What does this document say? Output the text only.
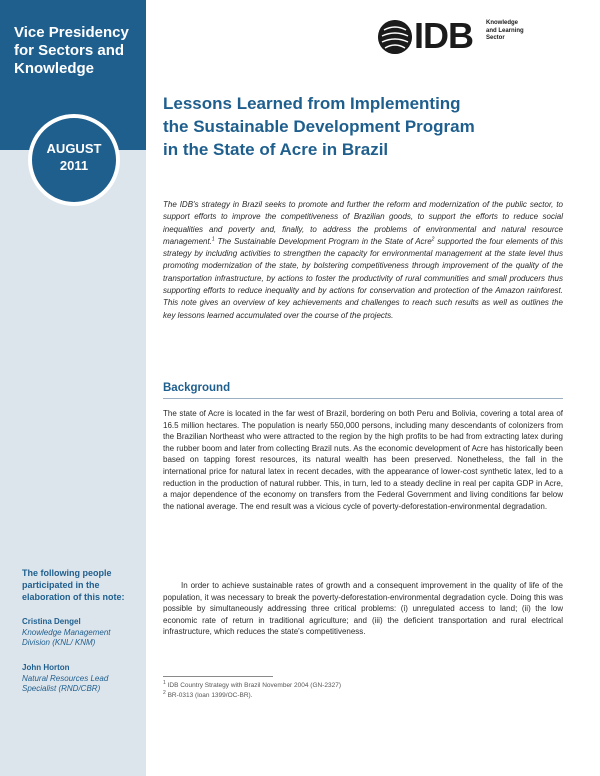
Vice Presidency
for Sectors and
Knowledge
AUGUST
2011
The following people participated in the elaboration of this note:
Cristina Dengel
Knowledge Management Division (KNL/ KNM)
John Horton
Natural Resources Lead Specialist (RND/CBR)
IDB Knowledge
and Learning
Sector
Lessons Learned from Implementing
the Sustainable Development Program
in the State of Acre in Brazil
The IDB's strategy in Brazil seeks to promote and further the reform and modernization of the public sector, to support efforts to improve the competitiveness of Brazilian goods, to support the efforts to reduce social inequalities and poverty and, finally, to address the problems of environmental and natural resource management.$^1$ The Sustainable Development Program in the State of Acre$^2$ supported the four elements of this strategy by including activities to strengthen the capacity for environmental management at the state level thus promoting modernization of the state, by bolstering competitiveness through improvement of the quality of the transportation infrastructure, by actions to foster the productivity of rural communities and small producers thus supporting efforts to reduce inequality and by actions for conservation and protection of the Amazon rainforest. This note gives an overview of key achievements and challenges to reach such results as well as outlines the key lessons learned accumulated over the course of the projects.
Background
The state of Acre is located in the far west of Brazil, bordering on both Peru and Bolivia, covering a total area of 16.5 million hectares. The population is nearly 550,000 persons, including many descendants of colonizers from the Brazilian Northeast who were attracted to the region by the high profits to be had from extracting latex during the rubber boom and later from collecting Brazil nuts. As the economic development of Acre has historically been based on tapping forest resources, its natural wealth has been preserved. Nonetheless, the fall in the international price for natural latex in recent decades, with the appearance of lower-cost synthetic latex, led to a reduction in the production of natural rubber. This, in turn, led to a steady decline in real per capita GDP in Acre, a major dependence of the economy on transfers from the Federal Government and living conditions far below the national average. The end result was a vicious cycle of poverty-deforestation-environmental degradation.
In order to achieve sustainable rates of growth and a consequent improvement in the quality of life of the population, it was necessary to break the poverty-deforestation-environmental degradation cycle. Doing this was possible by simultaneously addressing three critical problems: (i) unregulated access to land; (ii) the low economic rate of return in traditional agriculture; and (iii) the deficient transportation and rural electrical infrastructure, which reduces the state's competitiveness.
$^1$ IDB Country Strategy with Brazil November 2004 (GN-2327)
$^2$ BR-0313 (loan 1399/OC-BR).
